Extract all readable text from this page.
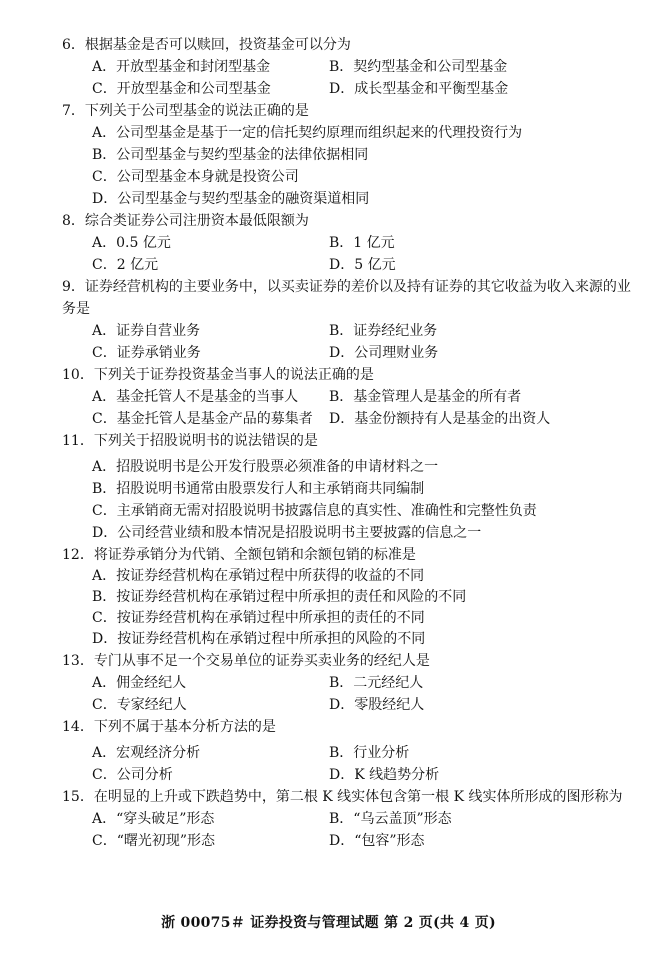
6．根据基金是否可以赎回，投资基金可以分为
A．开放型基金和封闭型基金	B．契约型基金和公司型基金
C．开放型基金和公司型基金	D．成长型基金和平衡型基金
7．下列关于公司型基金的说法正确的是
A．公司型基金是基于一定的信托契约原理而组织起来的代理投资行为
B．公司型基金与契约型基金的法律依据相同
C．公司型基金本身就是投资公司
D．公司型基金与契约型基金的融资渠道相同
8．综合类证券公司注册资本最低限额为
A．0.5 亿元	B．1 亿元
C．2 亿元	D．5 亿元
9．证券经营机构的主要业务中，以买卖证券的差价以及持有证券的其它收益为收入来源的业务是
A．证券自营业务	B．证券经纪业务
C．证券承销业务	D．公司理财业务
10．下列关于证券投资基金当事人的说法正确的是
A．基金托管人不是基金的当事人 B．基金管理人是基金的所有者
C．基金托管人是基金产品的募集者 D．基金份额持有人是基金的出资人
11．下列关于招股说明书的说法错误的是
A．招股说明书是公开发行股票必须准备的申请材料之一
B．招股说明书通常由股票发行人和主承销商共同编制
C．主承销商无需对招股说明书披露信息的真实性、准确性和完整性负责
D．公司经营业绩和股本情况是招股说明书主要披露的信息之一
12．将证券承销分为代销、全额包销和余额包销的标准是
A．按证券经营机构在承销过程中所获得的收益的不同
B．按证券经营机构在承销过程中所承担的责任和风险的不同
C．按证券经营机构在承销过程中所承担的责任的不同
D．按证券经营机构在承销过程中所承担的风险的不同
13．专门从事不足一个交易单位的证券买卖业务的经纪人是
A．佣金经纪人	B．二元经纪人
C．专家经纪人	D．零股经纪人
14．下列不属于基本分析方法的是
A．宏观经济分析	B．行业分析
C．公司分析	D．K 线趋势分析
15．在明显的上升或下跌趋势中，第二根 K 线实体包含第一根 K 线实体所形成的图形称为
A．“穿头破足”形态	B．“乌云盖顶”形态
C．“曙光初现”形态	D．“包容”形态
浙 00075＃ 证券投资与管理试题 第 2 页(共 4 页)
